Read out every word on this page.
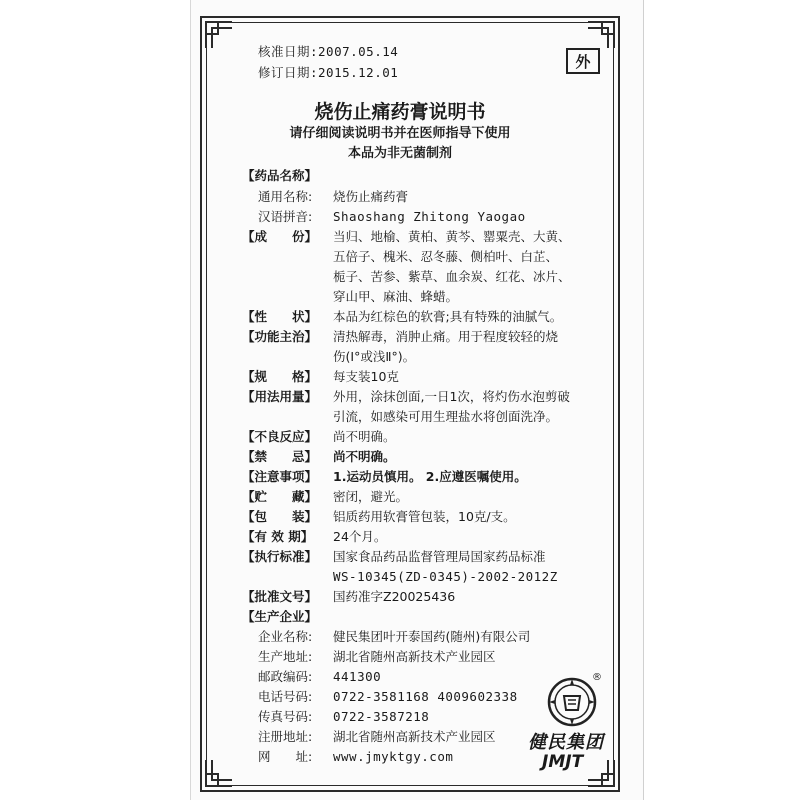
核准日期:2007.05.14
修订日期:2015.12.01
外
烧伤止痛药膏说明书
请仔细阅读说明书并在医师指导下使用
本品为非无菌制剂
【药品名称】
通用名称: 烧伤止痛药膏
汉语拼音: Shaoshang Zhitong Yaogao
【成　　份】 当归、地榆、黄柏、黄芩、罂粟壳、大黄、
五倍子、槐米、忍冬藤、侧柏叶、白芷、
栀子、苦参、紫草、血余炭、红花、冰片、
穿山甲、麻油、蜂蜡。
【性　　状】 本品为红棕色的软膏;具有特殊的油腻气。
【功能主治】 清热解毒，消肿止痛。用于程度较轻的烧
伤(Ⅰ°或浅Ⅱ°)。
【规　　格】 每支装10克
【用法用量】 外用，涂抹创面,一日1次，将灼伤水泡剪破
引流，如感染可用生理盐水将创面洗净。
【不良反应】 尚不明确。
【禁　　忌】 尚不明确。
【注意事项】 1.运动员慎用。 2.应遵医嘱使用。
【贮　　藏】 密闭，避光。
【包　　装】 铝质药用软膏管包装，10克/支。
【有 效 期】 24个月。
【执行标准】 国家食品药品监督管理局国家药品标准
WS-10345(ZD-0345)-2002-2012Z
【批准文号】 国药准字Z20025436
【生产企业】
企业名称: 健民集团叶开泰国药(随州)有限公司
生产地址: 湖北省随州高新技术产业园区
邮政编码: 441300
电话号码: 0722-3581168 4009602338
传真号码: 0722-3587218
注册地址: 湖北省随州高新技术产业园区
网　　址: www.jmyktgy.com
®
健民集团
JMJT
